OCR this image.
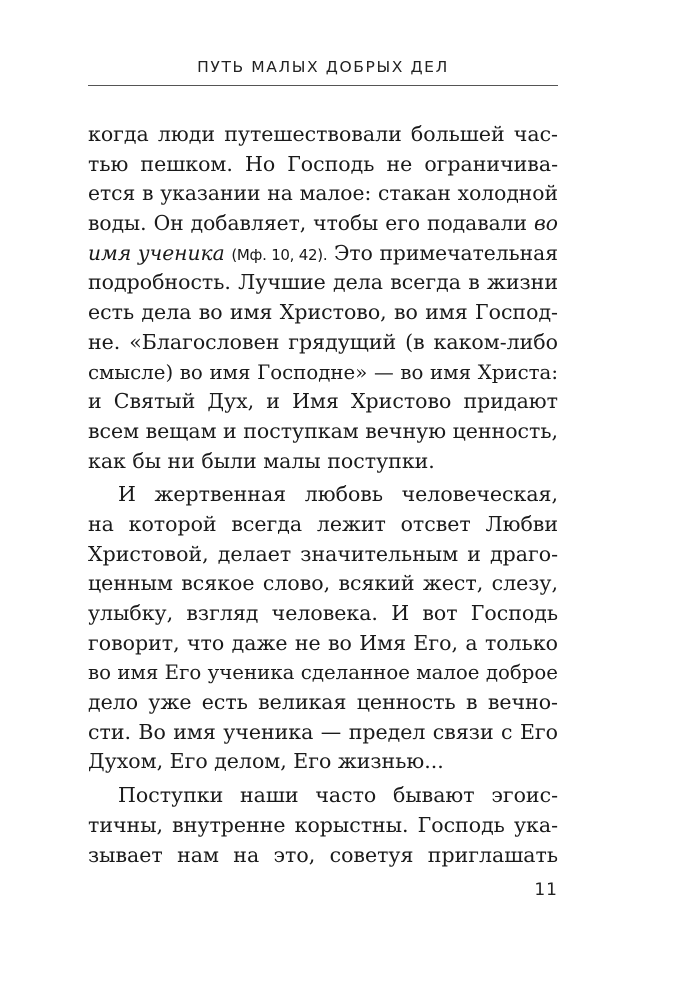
ПУТЬ МАЛЫХ ДОБРЫХ ДЕЛ
когда люди путешествовали большей час-
тью пешком. Но Господь не ограничива-
ется в указании на малое: стакан холодной
воды. Он добавляет, чтобы его подавали во
имя ученика (Мф. 10, 42). Это примечательная
подробность. Лучшие дела всегда в жизни
есть дела во имя Христово, во имя Господ-
не. «Благословен грядущий (в каком-либо
смысле) во имя Господне» — во имя Христа:
и Святый Дух, и Имя Христово придают
всем вещам и поступкам вечную ценность,
как бы ни были малы поступки.
И жертвенная любовь человеческая,
на которой всегда лежит отсвет Любви
Христовой, делает значительным и драго-
ценным всякое слово, всякий жест, слезу,
улыбку, взгляд человека. И вот Господь
говорит, что даже не во Имя Его, а только
во имя Его ученика сделанное малое доброе
дело уже есть великая ценность в вечно-
сти. Во имя ученика — предел связи с Его
Духом, Его делом, Его жизнью...
Поступки наши часто бывают эгоис-
тичны, внутренне корыстны. Господь ука-
зывает нам на это, советуя приглашать
11
